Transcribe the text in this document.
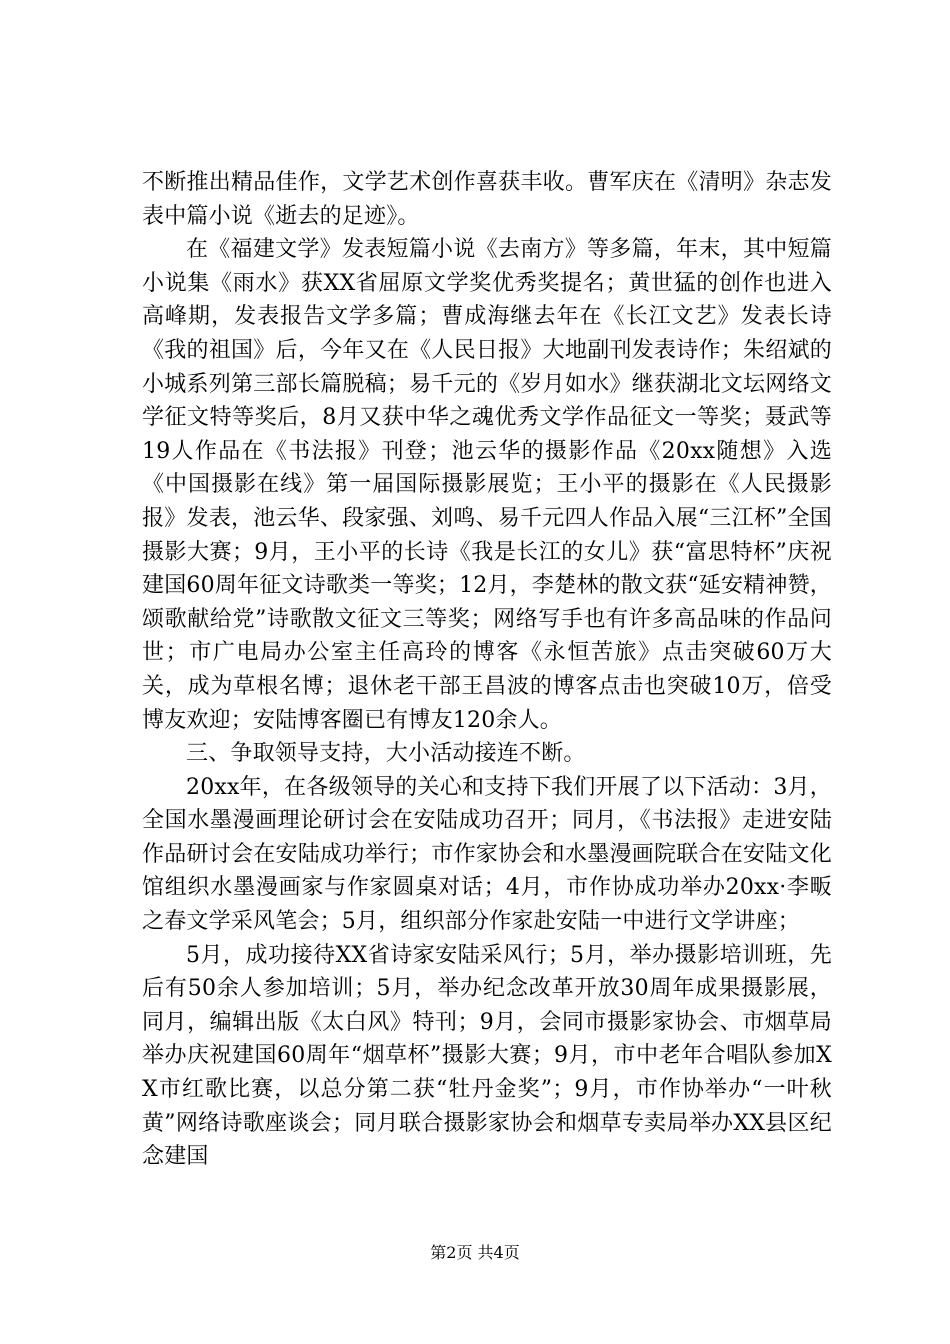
不断推出精品佳作，文学艺术创作喜获丰收。曹军庆在《清明》杂志发表中篇小说《逝去的足迹》。

在《福建文学》发表短篇小说《去南方》等多篇，年末，其中短篇小说集《雨水》获XX省屈原文学奖优秀奖提名；黄世猛的创作也进入高峰期，发表报告文学多篇；曹成海继去年在《长江文艺》发表长诗《我的祖国》后，今年又在《人民日报》大地副刊发表诗作；朱绍斌的小城系列第三部长篇脱稿；易千元的《岁月如水》继获湖北文坛网络文学征文特等奖后，8月又获中华之魂优秀文学作品征文一等奖；聂武等19人作品在《书法报》刊登；池云华的摄影作品《20xx随想》入选《中国摄影在线》第一届国际摄影展览；王小平的摄影在《人民摄影报》发表，池云华、段家强、刘鸣、易千元四人作品入展“三江杯”全国摄影大赛；9月，王小平的长诗《我是长江的女儿》获“富思特杯”庆祝建国60周年征文诗歌类一等奖；12月，李楚林的散文获“延安精神赞，颂歌献给党”诗歌散文征文三等奖；网络写手也有许多高品味的作品问世；市广电局办公室主任高玲的博客《永恒苦旅》点击突破60万大关，成为草根名博；退休老干部王昌波的博客点击也突破10万，倍受博友欢迎；安陆博客圈已有博友120余人。

三、争取领导支持，大小活动接连不断。

20xx年，在各级领导的关心和支持下我们开展了以下活动：3月，全国水墨漫画理论研讨会在安陆成功召开；同月，《书法报》走进安陆作品研讨会在安陆成功举行；市作家协会和水墨漫画院联合在安陆文化馆组织水墨漫画家与作家圆桌对话；4月，市作协成功举办20xx·李畈之春文学采风笔会；5月，组织部分作家赴安陆一中进行文学讲座；

5月，成功接待XX省诗家安陆采风行；5月，举办摄影培训班，先后有50余人参加培训；5月，举办纪念改革开放30周年成果摄影展，同月，编辑出版《太白风》特刊；9月，会同市摄影家协会、市烟草局举办庆祝建国60周年“烟草杯”摄影大赛；9月，市中老年合唱队参加XX市红歌比赛，以总分第二获“牡丹金奖”；9月，市作协举办“一叶秋黄”网络诗歌座谈会；同月联合摄影家协会和烟草专卖局举办XX县区纪念建国

第2页 共4页
